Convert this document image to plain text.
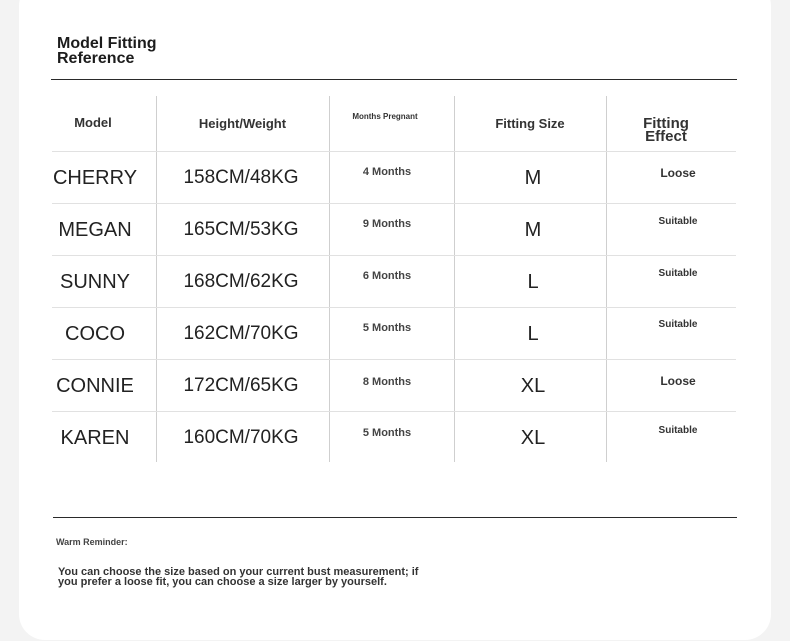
Model Fitting
Reference
Model	Height/Weight	Months Pregnant	Fitting Size	Fitting
Effect
CHERRY	158CM/48KG	4 Months	M	Loose
MEGAN	165CM/53KG	9 Months	M	Suitable
SUNNY	168CM/62KG	6 Months	L	Suitable
COCO	162CM/70KG	5 Months	L	Suitable
CONNIE	172CM/65KG	8 Months	XL	Loose
KAREN	160CM/70KG	5 Months	XL	Suitable
Warm Reminder:
You can choose the size based on your current bust measurement; if
you prefer a loose fit, you can choose a size larger by yourself.
